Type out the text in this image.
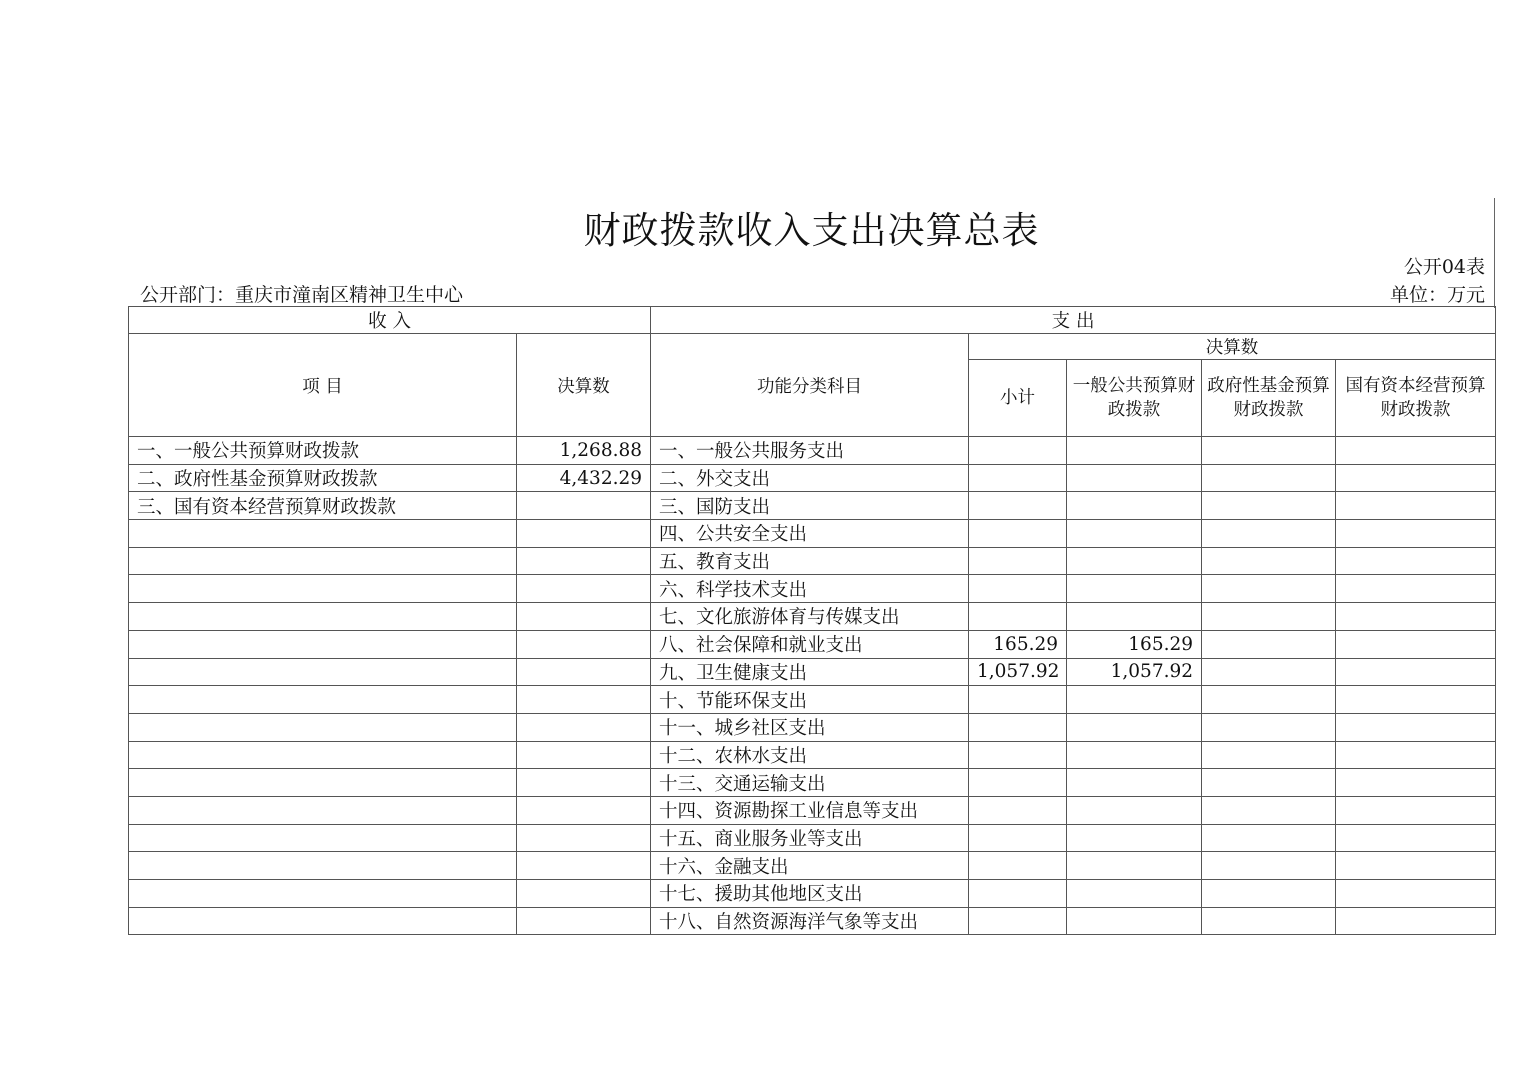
财政拨款收入支出决算总表
公开04表
公开部门：重庆市潼南区精神卫生中心	单位：万元
收 入		支 出				
项 目	决算数	功能分类科目	决算数			
			小计	一般公共预算财政拨款	政府性基金预算财政拨款	国有资本经营预算财政拨款
一、一般公共预算财政拨款	1,268.88	一、一般公共服务支出				
二、政府性基金预算财政拨款	4,432.29	二、外交支出				
三、国有资本经营预算财政拨款		三、国防支出				
		四、公共安全支出				
		五、教育支出				
		六、科学技术支出				
		七、文化旅游体育与传媒支出				
		八、社会保障和就业支出	165.29	165.29		
		九、卫生健康支出	1,057.92	1,057.92		
		十、节能环保支出				
		十一、城乡社区支出				
		十二、农林水支出				
		十三、交通运输支出				
		十四、资源勘探工业信息等支出				
		十五、商业服务业等支出				
		十六、金融支出				
		十七、援助其他地区支出				
		十八、自然资源海洋气象等支出				
